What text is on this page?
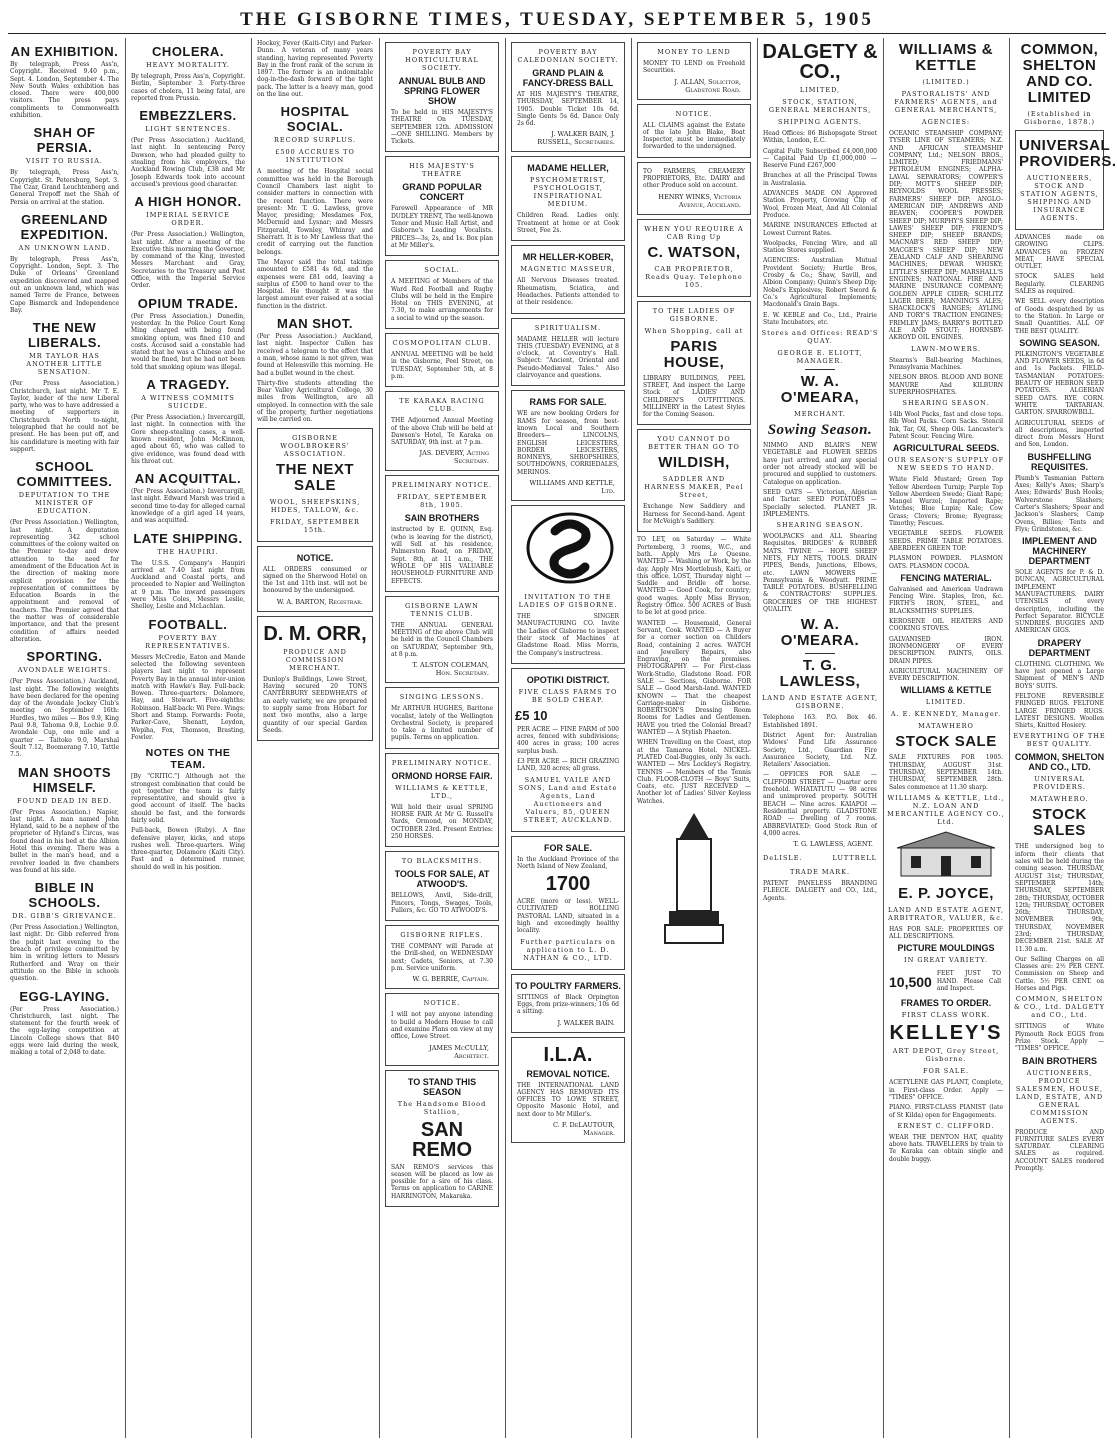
THE GISBORNE TIMES, TUESDAY, SEPTEMBER 5, 1905
AN EXHIBITION.
By telegraph, Press Ass'n, Copyright. Received 9.40 p.m., Sept. 4. London, September 4. The New South Wales exhibition has closed. There were 400,000 visitors. The press pays compliments to Commonwealth exhibition.
SHAH OF PERSIA.
VISIT TO RUSSIA.
By telegraph, Press Ass'n, Copyright. St. Petersburg, Sept. 3. The Czar, Grand Leuchtenberg and General Trepoff met the Shah of Persia on arrival at the station.
GREENLAND EXPEDITION.
AN UNKNOWN LAND.
By telegraph, Press Ass'n, Copyright. London, Sept. 3. The Duke of Orleans' Greenland expedition discovered and mapped out an unknown land, which was named Terre de France, between Cape Bismarck and Independence Bay.
THE NEW LIBERALS.
MR TAYLOR HAS ANOTHER LITTLE SENSATION.
(Per Press Association.) Christchurch, last night. Mr T. E. Taylor, leader of the new Liberal party, who was to have addressed a meeting of supporters in Christchurch North to-night, telegraphed that he could not be present. He has been put off, and his candidature is meeting with fair support.
SCHOOL COMMITTEES.
DEPUTATION TO THE MINISTER OF EDUCATION.
(Per Press Association.) Wellington, last night. A deputation representing 342 school committees of the colony waited on the Premier to-day and drew attention to the need for amendment of the Education Act in the direction of making more explicit provision for the representation of committees by Education Boards in the appointment and removal of teachers. The Premier agreed that the matter was of considerable importance, and that the present condition of affairs needed alteration.
SPORTING.
AVONDALE WEIGHTS.
(Per Press Association.) Auckland, last night. The following weights have been declared for the opening day of the Avondale Jockey Club's meeting on September 16th: Hurdles, two miles — Bos 9.9, King Paul 9.8, Tahoma 9.8, Lochie 9.0. Avondale Cup, one mile and a quarter — Taitoko 9.0, Marshal Soult 7.12, Boomerang 7.10, Tattle 7.5.
MAN SHOOTS HIMSELF.
FOUND DEAD IN BED.
(Per Press Association.) Napier, last night. A man named John Hyland, said to be a nephew of the proprietor of Hyland's Circus, was found dead in his bed at the Albion Hotel this evening. There was a bullet in the man's head, and a revolver loaded in five chambers was found at his side.
BIBLE IN SCHOOLS.
DR. GIBB'S GRIEVANCE.
(Per Press Association.) Wellington, last night. Dr. Gibb referred from the pulpit last evening to the breach of privilege committed by him in writing letters to Messrs Rutherford and Wray on their attitude on the Bible in schools question.
EGG-LAYING.
(Per Press Association.) Christchurch, last night. The statement for the fourth week of the egg-laying competition at Lincoln College shows that 840 eggs were laid during the week, making a total of 2,048 to date.
CHOLERA.
HEAVY MORTALITY.
By telegraph, Press Ass'n, Copyright. Berlin, September 3. Forty-three cases of cholera, 11 being fatal, are reported from Prussia.
EMBEZZLERS.
LIGHT SENTENCES.
(Per Press Association.) Auckland, last night. In sentencing Percy Dawson, who had pleaded guilty to stealing from his employers, the Auckland Rowing Club, £38 and Mr Joseph Edwards took into account accused's previous good character.
A HIGH HONOR.
IMPERIAL SERVICE ORDER.
(Per Press Association.) Wellington, last night. After a meeting of the Executive this morning the Governor, by command of the King, invested Messrs Marchant and Gray, Secretaries to the Treasury and Post Office, with the Imperial Service Order.
OPIUM TRADE.
(Per Press Association.) Dunedin, yesterday. In the Police Court Kong Ming charged with being found smoking opium, was fined £10 and costs. Accused said a constable had stated that he was a Chinese and he would be fined, but he had not been told that smoking opium was illegal.
A TRAGEDY.
A WITNESS COMMITS SUICIDE.
(Per Press Association.) Invercargill, last night. In connection with the Gore sheep-stealing cases, a well-known resident, John McKinnon, aged about 65, who was called to give evidence, was found dead with his throat cut.
AN ACQUITTAL.
(Per Press Association.) Invercargill, last night. Edward Marsh was tried a second time to-day for alleged carnal knowledge of a girl aged 14 years, and was acquitted.
LATE SHIPPING.
THE HAUPIRI.
The U.S.S. Company's Haupiri arrived at 7.40 last night from Auckland and Coastal ports, and proceeded to Napier and Wellington at 9 p.m. The inward passengers were Miss Coles, Messrs Leslie, Shelley, Leslie and McLachlan.
FOOTBALL.
POVERTY BAY REPRESENTATIVES.
Messrs McCredie, Eaton and Mande selected the following seventeen players last night to represent Poverty Bay in the annual inter-union match with Hawke's Bay. Full-back: Bowen. Three-quarters: Dolamore, Hay, and Stewart. Five-eighths: Robinson. Half-back: Wi Pere. Wings: Short and Stamp. Forwards: Foote, Parker-Cave, Shenatt, Leydon, Wepiha, Fox, Thomson, Brasting, Fowler.
NOTES ON THE TEAM.
[By "CRITIC."] Although not the strongest combination that could be got together the team is fairly representative, and should give a good account of itself. The backs should be fast, and the forwards fairly solid.
Full-back, Bowen (Ruby). A fine defensive player, kicks, and stops rushes well. Three-quarters. Wing three-quarter, Dolamore (Kaiti City). Fast and a determined runner, should do well in his position.
Hockey, Fever (Kaiti-City) and Parker-Dunn. A veteran of many years standing, having represented Poverty Bay in the front rank of the scrum in 1897. The former is an indomitable dog-in-the-dash forward of the tight pack. The latter is a heavy man, good on the line out.
HOSPITAL SOCIAL.
RECORD SURPLUS.
£500 ACCRUES TO INSTITUTION
A meeting of the Hospital social committee was held in the Borough Council Chambers last night to consider matters in connection with the recent function. There were present: Mr. T. G. Lawless, grove Mayor, presiding; Mesdames Fox, McDermid and Lysnar; and Messrs Fitzgerald, Townley, Whinray and Sherratt. It is to Mr Lawless that the credit of carrying out the function belongs.
The Mayor said the total takings amounted to £581 4s 6d, and the expenses were £81 odd, leaving a surplus of £500 to hand over to the Hospital. He thought it was the largest amount ever raised at a social function in the district.
MAN SHOT.
(Per Press Association.) Auckland, last night. Inspector Cullen has received a telegram to the effect that a man, whose name is not given, was found at Helensville this morning. He had a bullet wound in the chest.
Thirty-five students attending the Bear Valley Agricultural College, 30 miles from Wellington, are all employed. In connection with the sale of the property, further negotiations will be carried on.
GISBORNE WOOLBROKERS' ASSOCIATION.
THE NEXT SALE
WOOL, SHEEPSKINS, HIDES, TALLOW, &c.
FRIDAY, SEPTEMBER 15th.
NOTICE.
ALL ORDERS consumed or signed on the Sherwood Hotel on the 1st and 11th inst. will not be honoured by the undersigned.
W. A. BARTON, Registrar.
D. M. ORR,
PRODUCE AND COMMISSION MERCHANT.
Dunlop's Buildings, Lowe Street, Having secured 20 TONS CANTERBURY SEEDWHEATS of an early variety, we are prepared to supply same from Hobart for next two months, also a large quantity of our special Garden Seeds.
POVERTY BAY HORTICULTURAL SOCIETY.
ANNUAL BULB AND SPRING FLOWER SHOW
To be held in HIS MAJESTY'S THEATRE On TUESDAY, SEPTEMBER 12th. ADMISSION—ONE SHILLING. Members by Tickets.
HIS MAJESTY'S THEATRE
GRAND POPULAR CONCERT
Farewell Appearance of MR DUDLEY TRENT, The well-known Tenor and Music Hall Artist, and Gisborne's Leading Vocalists. PRICES—3s, 2s, and 1s. Box plan at Mr Miller's.
SOCIAL.
A MEETING of Members of the Ward Red Football and Rugby Clubs will be held in the Empire Hotel on THIS EVENING, at 7.30, to make arrangements for a social to wind up the season.
COSMOPOLITAN CLUB.
ANNUAL MEETING will be held in the Gisborne, Peel Street, on TUESDAY, September 5th, at 8 p.m.
TE KARAKA RACING CLUB.
THE Adjourned Annual Meeting of the above Club will be held at Dawson's Hotel, Te Karaka on SATURDAY, 9th inst. at 7 p.m.
JAS. DEVERY, Acting Secretary.
PRELIMINARY NOTICE.
FRIDAY, SEPTEMBER 8th, 1905.
SAIN BROTHERS
instructed by E. QUINN, Esq. (who is leaving for the district), will Sell at his residence, Palmerston Road, on FRIDAY, Sept. 8th, at 11 a.m., THE WHOLE OF HIS VALUABLE HOUSEHOLD FURNITURE AND EFFECTS.
GISBORNE LAWN TENNIS CLUB.
THE ANNUAL GENERAL MEETING of the above Club will be held in the Council Chambers on SATURDAY, September 9th, at 8 p.m.
T. ALSTON COLEMAN, Hon. Secretary.
SINGING LESSONS.
Mr ARTHUR HUGHES, Baritone vocalist, lately of the Wellington Orchestral Society, is prepared to take a limited number of pupils. Terms on application.
PRELIMINARY NOTICE.
ORMOND HORSE FAIR.
WILLIAMS & KETTLE, LTD.,
Will hold their usual SPRING HORSE FAIR At Mr G. Russell's Yards, Ormond, on MONDAY, OCTOBER 23rd. Present Entries: 250 HORSES.
TO BLACKSMITHS.
TOOLS FOR SALE, AT ATWOOD'S.
BELLOWS, Anvil, Side-drill, Pincers, Tongs, Swages, Tools, Fullers, &c. GO TO ATWOOD'S.
GISBORNE RIFLES.
THE COMPANY will Parade at the Drill-shed, on WEDNESDAY next; Cadets, Seniors, at 7.30 p.m. Service uniform.
W. G. BERRIE, Captain.
NOTICE.
I will not pay anyone intending to build a Modern House to call and examine Plans on view at my office, Lowe Street.
JAMES McCULLY, Architect.
TO STAND THIS SEASON
The Handsome Blood Stallion,
SAN REMO
SAN REMO'S services this season will be placed as low as possible for a sire of his class. Terms on application to CARINE HARRINGTON, Makaraka.
POVERTY BAY CALEDONIAN SOCIETY.
GRAND PLAIN & FANCY-DRESS BALL
AT HIS MAJESTY'S THEATRE, THURSDAY, SEPTEMBER 14, 1905. Double Ticket 10s 6d. Single Gents 5s 6d. Dance Only 2s 6d.
J. WALKER BAIN, J. RUSSELL, Secretaries.
MADAME HELLER,
PSYCHOMETRIST, PSYCHOLOGIST, INSPIRATIONAL MEDIUM.
Children Read. Ladies only. Treatment at home or at Cook Street, Fee 2s.
MR HELLER-KOBER,
MAGNETIC MASSEUR,
All Nervous Diseases treated. Rheumatism, Sciatica, and Headaches. Patients attended to at their residence.
SPIRITUALISM.
MADAME HELLER will lecture THIS (TUESDAY) EVENING, at 8 o'clock, at Coventry's Hall. Subject: "Ancient, Oriental and Pseudo-Mediæval Tales." Also clairvoyance and questions.
RAMS FOR SALE.
WE are now booking Orders for RAMS for season, from best-known Local and Southern Breeders— LINCOLNS, ENGLISH LEICESTERS, BORDER LEICESTERS, ROMNEYS, SHROPSHIRES, SOUTHDOWNS, CORRIEDALES, MERINOS.
WILLIAMS AND KETTLE, Ltd.
INVITATION TO THE LADIES OF GISBORNE.
THE SINGER MANUFACTURING CO. Invite the Ladies of Gisborne to inspect their stock of Machines at Gladstone Road. Miss Morris, the Company's instructress.
OPOTIKI DISTRICT.
FIVE CLASS FARMS TO BE SOLD CHEAP.
£5 10
PER ACRE — FINE FARM of 500 acres, fenced with subdivisions; 400 acres in grass; 100 acres surplus bush.
£3 PER ACRE — RICH GRAZING LAND, 320 acres; all grass.
SAMUEL VAILE AND SONS, Land and Estate Agents, Land Auctioneers and Valuers, 85, QUEEN STREET, AUCKLAND.
FOR SALE.
In the Auckland Province of the North Island of New Zealand,
1700
ACRE (more or less). WELL-CULTIVATED ROLLING PASTORAL LAND, situated in a high and exceedingly healthy locality.
Further particulars on application to L. D. NATHAN & CO., LTD.
TO POULTRY FARMERS.
SITTINGS of Black Orpington Eggs, from prize-winners; 10s 6d a sitting.
J. WALKER BAIN.
I.L.A.
REMOVAL NOTICE.
THE INTERNATIONAL LAND AGENCY HAS REMOVED ITS OFFICES TO LOWE STREET, Opposite Masonic Hotel, and next door to Mr Miller's.
C. F. DeLAUTOUR, Manager.
MONEY TO LEND
MONEY TO LEND on Freehold Securities.
J. ALLAN, Solicitor, Gladstone Road.
NOTICE.
ALL CLAIMS against the Estate of the late John Blake, Boat Inspector, must be immediately forwarded to the undersigned.
TO FARMERS, CREAMERY PROPRIETORS, Etc. DAIRY and other Produce sold on account.
HENRY WINKS, Victoria Avenue, Auckland.
WHEN YOU REQUIRE A CAB Ring Up
C. WATSON,
CAB PROPRIETOR, Reads Quay. Telephone 105.
TO THE LADIES OF GISBORNE.
When Shopping, call at
PARIS HOUSE,
LIBRARY BUILDINGS, PEEL STREET, And inspect the Large Stock of LADIES' AND CHILDREN'S OUTFITTINGS. MILLINERY in the Latest Styles for the Coming Season.
YOU CANNOT DO BETTER THAN GO TO
WILDISH,
SADDLER AND HARNESS MAKER, Peel Street,
Exchange New Saddlery and Harness for Second-hand. Agent for McVeigh's Saddlery.
TO LET, on Saturday — White Portemberg, 3 rooms, W.C., and bath. Apply Mrs Le Quesne. WANTED — Washing or Work, by the day. Apply Mrs Mortlebush, Kaiti, or this office. LOST, Thursday night — Saddle and Bridle off horse. WANTED — Good Cook, for country; good wages. Apply Miss Bryson, Registry Office. 500 ACRES of Bush to be let at good price.
WANTED — Housemaid, General Servant, Cook. WANTED — A Buyer for a corner section on Childers Road, containing 2 acres. WATCH and Jewellery Repairs, also Engraving, on the premises. PHOTOGRAPHY — For First-class Work-Studio, Gladstone Road. FOR SALE — Sections, Gisborne. FOR SALE — Good Marsh-land. WANTED KNOWN — That the cheapest Carriage-maker in Gisborne. ROBERTSON'S Dressing Room Rooms for Ladies and Gentlemen. HAVE you tried the Colonial Bread? WANTED — A Stylish Phaeton.
WHEN Travelling on the Coast, stop at the Tamaroa Hotel. NICKEL-PLATED Coal-Buggies, only 3s each. WANTED — Mrs Lockley's Registry. TENNIS — Members of the Tennis Club. FLOOR-CLOTH — Boys' Suits, Coats, etc. JUST RECEIVED — Another lot of Ladies' Silver Keyless Watches.
DALGETY & CO.,
LIMITED,
STOCK, STATION, GENERAL MERCHANTS,
SHIPPING AGENTS.
Head Offices: 86 Bishopsgate Street Within, London, E.C.
Capital Fully Subscribed £4,000,000 — Capital Paid Up £1,000,000 — Reserve Fund £267,000
Branches at all the Principal Towns in Australasia.
ADVANCES MADE ON Approved Station Property, Growing Clip of Wool, Frozen Meat, And All Colonial Produce.
MARINE INSURANCES Effected at Lowest Current Rates.
Woolpacks, Fencing Wire, and all Station Stores supplied.
AGENCIES: Australian Mutual Provident Society; Hurtle Bros, Crosby & Co.; Shaw, Savill, and Albion Company; Quinn's Sheep Dip; Nobel's Explosives; Robert Sword & Co.'s Agricultural Implements; Macdonald's Grain Bags.
E. W. KEBLE and Co., Ltd., Prairie State Incubators, etc.
Stores and Offices: READ'S QUAY.
GEORGE E. ELIOTT, MANAGER.
W. A. O'MEARA,
MERCHANT.
Sowing Season.
NIMMO AND BLAIR'S NEW VEGETABLE and FLOWER SEEDS have just arrived, and any special order not already stocked will be procured and supplied to customers. Catalogue on application.
SEED OATS — Victorian, Algerian and Tartar. SEED POTATOES — Specially selected. PLANET JR. IMPLEMENTS.
SHEARING SEASON.
WOOLPACKS and ALL Shearing Requisites. BRIDGES' & RUBBER MATS. TWINE — HOPE SHEEP NETS, FLY NETS, TOOLS. DRAIN PIPES, Bends, Junctions, Elbows, etc. LAWN MOWERS — Pennsylvania & Woodyatt. PRIME TABLE POTATOES. BUSHFELLING & CONTRACTORS' SUPPLIES. GROCERIES OF THE HIGHEST QUALITY.
W. A. O'MEARA.
T. G. LAWLESS,
LAND AND ESTATE AGENT, GISBORNE.
Telephone 163. P.O. Box 46. Established 1891.
District Agent for: Australian Widows' Fund Life Assurance Society, Ltd., Guardian Fire Assurance Society, Ltd. N.Z. Retailers' Association.
— OFFICES FOR SALE — CLIFFORD STREET — Quarter acre freehold. WHATATUTU — 98 acres and unimproved property. SOUTH BEACH — Nine acres. KAIAPOI — Residential property. GLADSTONE ROAD — Dwelling of 7 rooms. ABBREVIATED: Good Stock Run of 4,000 acres.
T. G. LAWLESS, AGENT.
DeLISLE.	LUTTRELL
TRADE MARK.
PATENT PANELESS BRANDING FLEECE. DALGETY and CO., Ltd., Agents.
WILLIAMS & KETTLE
(LIMITED.)
PASTORALISTS' AND FARMERS' AGENTS, and GENERAL MERCHANTS,
AGENCIES:
OCEANIC STEAMSHIP COMPANY; TYSER LINE OF STEAMERS; N.Z. AND AFRICAN STEAMSHIP COMPANY, Ltd.; NELSON BROS., LIMITED; FRIEDMANS' PETROLEUM ENGINES; ALPHA-LAVAL SEPARATORS; COWPER'S DIP; MOTT'S SHEEP DIP; REYNOLDS WOOL PRESSES; FARMERS' SHEEP DIP; ANGLO-AMERICAN DIP; ANDREWS AND BEAVEN; COOPER'S POWDER SHEEP DIP; MURPHY'S SHEEP DIP; LAWES' SHEEP DIP; FRIEND'S SHEEP DIP; SHEEP BRANDS; MACNAB'S RED SHEEP DIP; MACGEE'S SHEEP DIP; NEW ZEALAND CALF AND SHEARING MACHINES; DEWAR WHISKY; LITTLE'S SHEEP DIP; MARSHALL'S ENGINES; NATIONAL FIRE AND MARINE INSURANCE COMPANY; GOLDEN APPLE CIDER; SCHLITZ LAGER BEER; MANNING'S ALES; SHACKLOCK'S RANGES; AYLING AND TORY'S TRACTION ENGINES; FRIMLEY JAMS; BARRY'S BOTTLED ALE AND STOUT; HORNSBY-AKROYD OIL ENGINES.
LAWN-MOWERS.
Stearns's Ball-bearing Machines, Pennsylvania Machines.
NELSON BROS. BLOOD AND BONE MANURE And KILBURN SUPERPHOSPHATES.
SHEARING SEASON.
14lb Wool Packs, fast and close tops. 8lb Wool Packs. Corn Sacks. Stencil Ink, Tar, Oil, Sheep Oils. Lancaster's Patent Scour. Fencing Wire.
AGRICULTURAL SEEDS.
OUR SEASON'S SUPPLY OF NEW SEEDS TO HAND.
White Field Mustard; Green Top Yellow Aberdeen Turnip; Purple Top Yellow Aberdeen Swede; Giant Rape; Mangel Wurzel; Imported Rape; Vetches; Blue Lupin; Kale; Cow Grass; Clovers; Brome; Ryegrass; Timothy; Fescues.
VEGETABLE SEEDS. FLOWER SEEDS. PRIME TABLE POTATOES. ABERDEEN GREEN TOP.
PLASMON POWDER. PLASMON OATS. PLASMON COCOA.
FENCING MATERIAL.
Galvanised and American Undrawn Fencing Wire. Staples, Iron, &c. FIRTH'S IRON, STEEL, and BLACKSMITHS' SUPPLIES.
KEROSENE OIL HEATERS AND COOKING STOVES.
GALVANISED IRON. IRONMONGERY OF EVERY DESCRIPTION. PAINTS, OILS. DRAIN PIPES.
AGRICULTURAL MACHINERY OF EVERY DESCRIPTION.
WILLIAMS & KETTLE
LIMITED.
A. E. KENNEDY, Manager.
MATAWHERO
STOCK SALE
SALE FIXTURES FOR 1905. THURSDAY, AUGUST 31st. THURSDAY, SEPTEMBER 14th. THURSDAY, SEPTEMBER 28th. Sales commence at 11.30 sharp.
WILLIAMS & KETTLE, Ltd., N.Z. LOAN AND MERCANTILE AGENCY CO., Ltd.
E. P. JOYCE,
LAND AND ESTATE AGENT, ARBITRATOR, VALUER, &c.
HAS FOR SALE: PROPERTIES OF ALL DESCRIPTIONS.
PICTURE MOULDINGS
IN GREAT VARIETY.
10,500 FEET JUST TO HAND. Please Call and Inspect.
FRAMES TO ORDER.
FIRST CLASS WORK.
KELLEY'S
ART DEPOT, Grey Street, Gisborne.
FOR SALE.
ACETYLENE GAS PLANT, Complete, in First-class Order. Apply — "TIMES" OFFICE.
PIANO. FIRST-CLASS PIANIST (late of St Kilda) open for Engagements.
ERNEST C. CLIFFORD.
WEAR THE DENTON HAT, quality above hats. TRAVELLERS by train to Te Karaka can obtain single and double buggy.
COMMON, SHELTON AND CO. LIMITED
(Established in Gisborne, 1878.)
UNIVERSAL PROVIDERS.
AUCTIONEERS, STOCK AND STATION AGENTS, SHIPPING AND INSURANCE AGENTS.
ADVANCES made on GROWING CLIPS. ADVANCES on FROZEN MEAT, HAVE SPECIAL OUTLET.
STOCK SALES held Regularly. CLEARING SALES as required.
WE SELL every description of Goods despatched by us to the Station. In Large or Small Quantities. ALL OF THE BEST QUALITY.
SOWING SEASON.
PILKINGTON'S VEGETABLE AND FLOWER SEEDS, in 6d and 1s Packets. FIELD-TASMANIAN POTATOES: BEAUTY OF HEBRON SEED POTATOES. ALGERIAN SEED OATS. RYE CORN. WHITE TARTARIAN. GARTON. SPARROWBILL.
AGRICULTURAL SEEDS of all descriptions, imported direct from Messrs Hurst and Son, London.
BUSHFELLING REQUISITES.
Plumb's Tasmanian Pattern Axes; Kelly's Axes; Sharp's Axes; Edwards' Bush Hooks; Wolverstone Slashers; Carter's Slashers; Spear and Jackson's Slashers; Camp Ovens, Billies; Tents and Flys; Grindstones, &c.
IMPLEMENT AND MACHINERY DEPARTMENT
SOLE AGENTS for P. & D. DUNCAN, AGRICULTURAL IMPLEMENT MANUFACTURERS. DAIRY UTENSILS of every description, including the Perfect Separator. BICYCLE SUNDRIES. BUGGIES AND AMERICAN GIGS.
DRAPERY DEPARTMENT
CLOTHING. CLOTHING. We have just opened a Large Shipment of MEN'S AND BOYS' SUITS.
FELTONE REVERSIBLE FRINGED RUGS. FELTONE LARGE FRINGED RUGS. LATEST DESIGNS. Woollen Shirts, Knitted Hosiery.
EVERYTHING OF THE BEST QUALITY.
COMMON, SHELTON AND CO., LTD.
UNIVERSAL PROVIDERS.
MATAWHERO.
STOCK SALES
THE undersigned beg to inform their clients that sales will be held during the coming season. THURSDAY, AUGUST 31st; THURSDAY, SEPTEMBER 14th; THURSDAY, SEPTEMBER 28th; THURSDAY, OCTOBER 12th; THURSDAY, OCTOBER 26th; THURSDAY, NOVEMBER 9th; THURSDAY, NOVEMBER 23rd; THURSDAY, DECEMBER 21st. SALE AT 11.30 a.m.
Our Selling Charges on all Classes are: 2½ PER CENT. Commission on Sheep and Cattle. 5½ PER CENT. on Horses and Pigs.
COMMON, SHELTON & CO., Ltd. DALGETY and CO., Ltd.
SITTINGS of White Plymouth Rock EGGS from Prize Stock. Apply — "TIMES" OFFICE.
BAIN BROTHERS
AUCTIONEERS, PRODUCE SALESMEN, HOUSE, LAND, ESTATE, AND GENERAL COMMISSION AGENTS.
PRODUCE AND FURNITURE SALES EVERY SATURDAY. CLEARING SALES as required. ACCOUNT SALES rendered Promptly.
